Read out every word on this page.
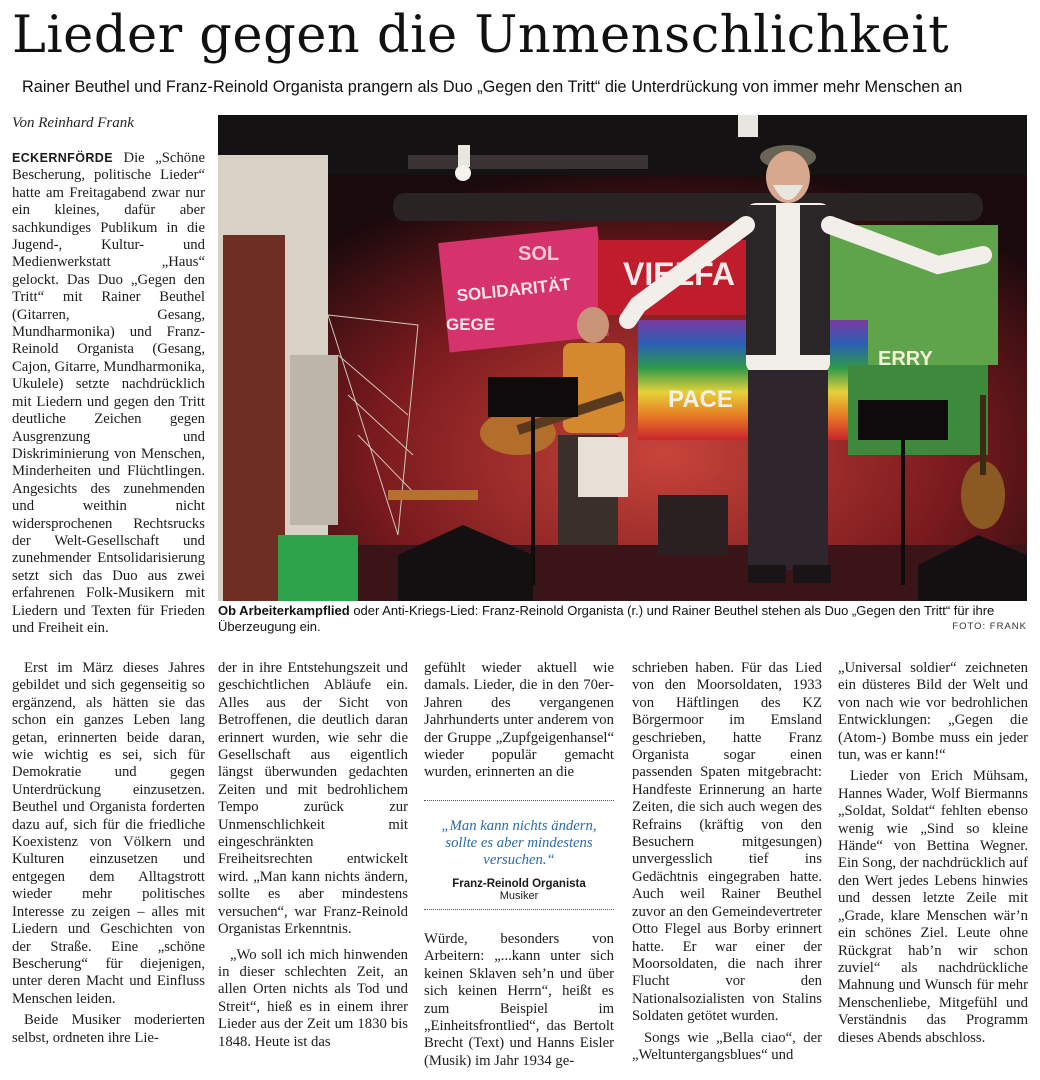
Lieder gegen die Unmenschlichkeit
Rainer Beuthel und Franz-Reinold Organista prangern als Duo „Gegen den Tritt“ die Unterdrückung von immer mehr Menschen an
Von Reinhard Frank

ECKERNFÖRDE Die „Schöne Bescherung, politische Lieder“ hatte am Freitagabend zwar nur ein kleines, dafür aber sachkundiges Publikum in die Jugend-, Kultur- und Medienwerkstatt „Haus“ gelockt. Das Duo „Gegen den Tritt“ mit Rainer Beuthel (Gitarren, Gesang, Mundharmonika) und Franz-Reinold Organista (Gesang, Cajon, Gitarre, Mundharmonika, Ukulele) setzte nachdrücklich mit Liedern und gegen den Tritt deutliche Zeichen gegen Ausgrenzung und Diskriminierung von Menschen, Minderheiten und Flüchtlingen. Angesichts des zunehmenden und weithin nicht widersprochenen Rechtsrucks der Welt-Gesellschaft und zunehmender Entsolidarisierung setzt sich das Duo aus zwei erfahrenen Folk-Musikern mit Liedern und Texten für Frieden und Freiheit ein.

Erst im März dieses Jahres gebildet und sich gegenseitig so ergänzend, als hätten sie das schon ein ganzes Leben lang getan, erinnerten beide daran, wie wichtig es sei, sich für Demokratie und gegen Unterdrückung einzusetzen. Beuthel und Organista forderten dazu auf, sich für die friedliche Koexistenz von Völkern und Kulturen einzusetzen und entgegen dem Alltagstrott wieder mehr politisches Interesse zu zeigen – alles mit Liedern und Geschichten von der Straße. Eine „schöne Bescherung“ für diejenigen, unter deren Macht und Einfluss Menschen leiden.

Beide Musiker moderierten selbst, ordneten ihre Lie-

SOL
VIELFA
SOLIDARITÄT
GEGE
PACE
ERRY
Ob Arbeiterkampflied oder Anti-Kriegs-Lied: Franz-Reinold Organista (r.) und Rainer Beuthel stehen als Duo „Gegen den Tritt“ für ihre Überzeugung ein.	FOTO: FRANK

der in ihre Entstehungszeit und geschichtlichen Abläufe ein. Alles aus der Sicht von Betroffenen, die deutlich daran erinnert wurden, wie sehr die Gesellschaft aus eigentlich längst überwunden gedachten Zeiten und mit bedrohlichem Tempo zurück zur Unmenschlichkeit mit eingeschränkten Freiheitsrechten entwickelt wird. „Man kann nichts ändern, sollte es aber mindestens versuchen“, war Franz-Reinold Organistas Erkenntnis.

„Wo soll ich mich hinwenden in dieser schlechten Zeit, an allen Orten nichts als Tod und Streit“, hieß es in einem ihrer Lieder aus der Zeit um 1830 bis 1848. Heute ist das

gefühlt wieder aktuell wie damals. Lieder, die in den 70er-Jahren des vergangenen Jahrhunderts unter anderem von der Gruppe „Zupfgeigenhansel“ wieder populär gemacht wurden, erinnerten an die

„Man kann nichts ändern, sollte es aber mindestens versuchen.“
Franz-Reinold Organista
Musiker

Würde, besonders von Arbeitern: „...kann unter sich keinen Sklaven seh’n und über sich keinen Herrn“, heißt es zum Beispiel im „Einheitsfrontlied“, das Bertolt Brecht (Text) und Hanns Eisler (Musik) im Jahr 1934 ge-

schrieben haben. Für das Lied von den Moorsoldaten, 1933 von Häftlingen des KZ Börgermoor im Emsland geschrieben, hatte Franz Organista sogar einen passenden Spaten mitgebracht: Handfeste Erinnerung an harte Zeiten, die sich auch wegen des Refrains (kräftig von den Besuchern mitgesungen) unvergesslich tief ins Gedächtnis eingegraben hatte. Auch weil Rainer Beuthel zuvor an den Gemeindevertreter Otto Flegel aus Borby erinnert hatte. Er war einer der Moorsoldaten, die nach ihrer Flucht vor den Nationalsozialisten von Stalins Soldaten getötet wurden.

Songs wie „Bella ciao“, der „Weltuntergangsblues“ und

„Universal soldier“ zeichneten ein düsteres Bild der Welt und von nach wie vor bedrohlichen Entwicklungen: „Gegen die (Atom-) Bombe muss ein jeder tun, was er kann!“

Lieder von Erich Mühsam, Hannes Wader, Wolf Biermanns „Soldat, Soldat“ fehlten ebenso wenig wie „Sind so kleine Hände“ von Bettina Wegner. Ein Song, der nachdrücklich auf den Wert jedes Lebens hinwies und dessen letzte Zeile mit „Grade, klare Menschen wär’n ein schönes Ziel. Leute ohne Rückgrat hab’n wir schon zuviel“ als nachdrückliche Mahnung und Wunsch für mehr Menschenliebe, Mitgefühl und Verständnis das Programm dieses Abends abschloss.
